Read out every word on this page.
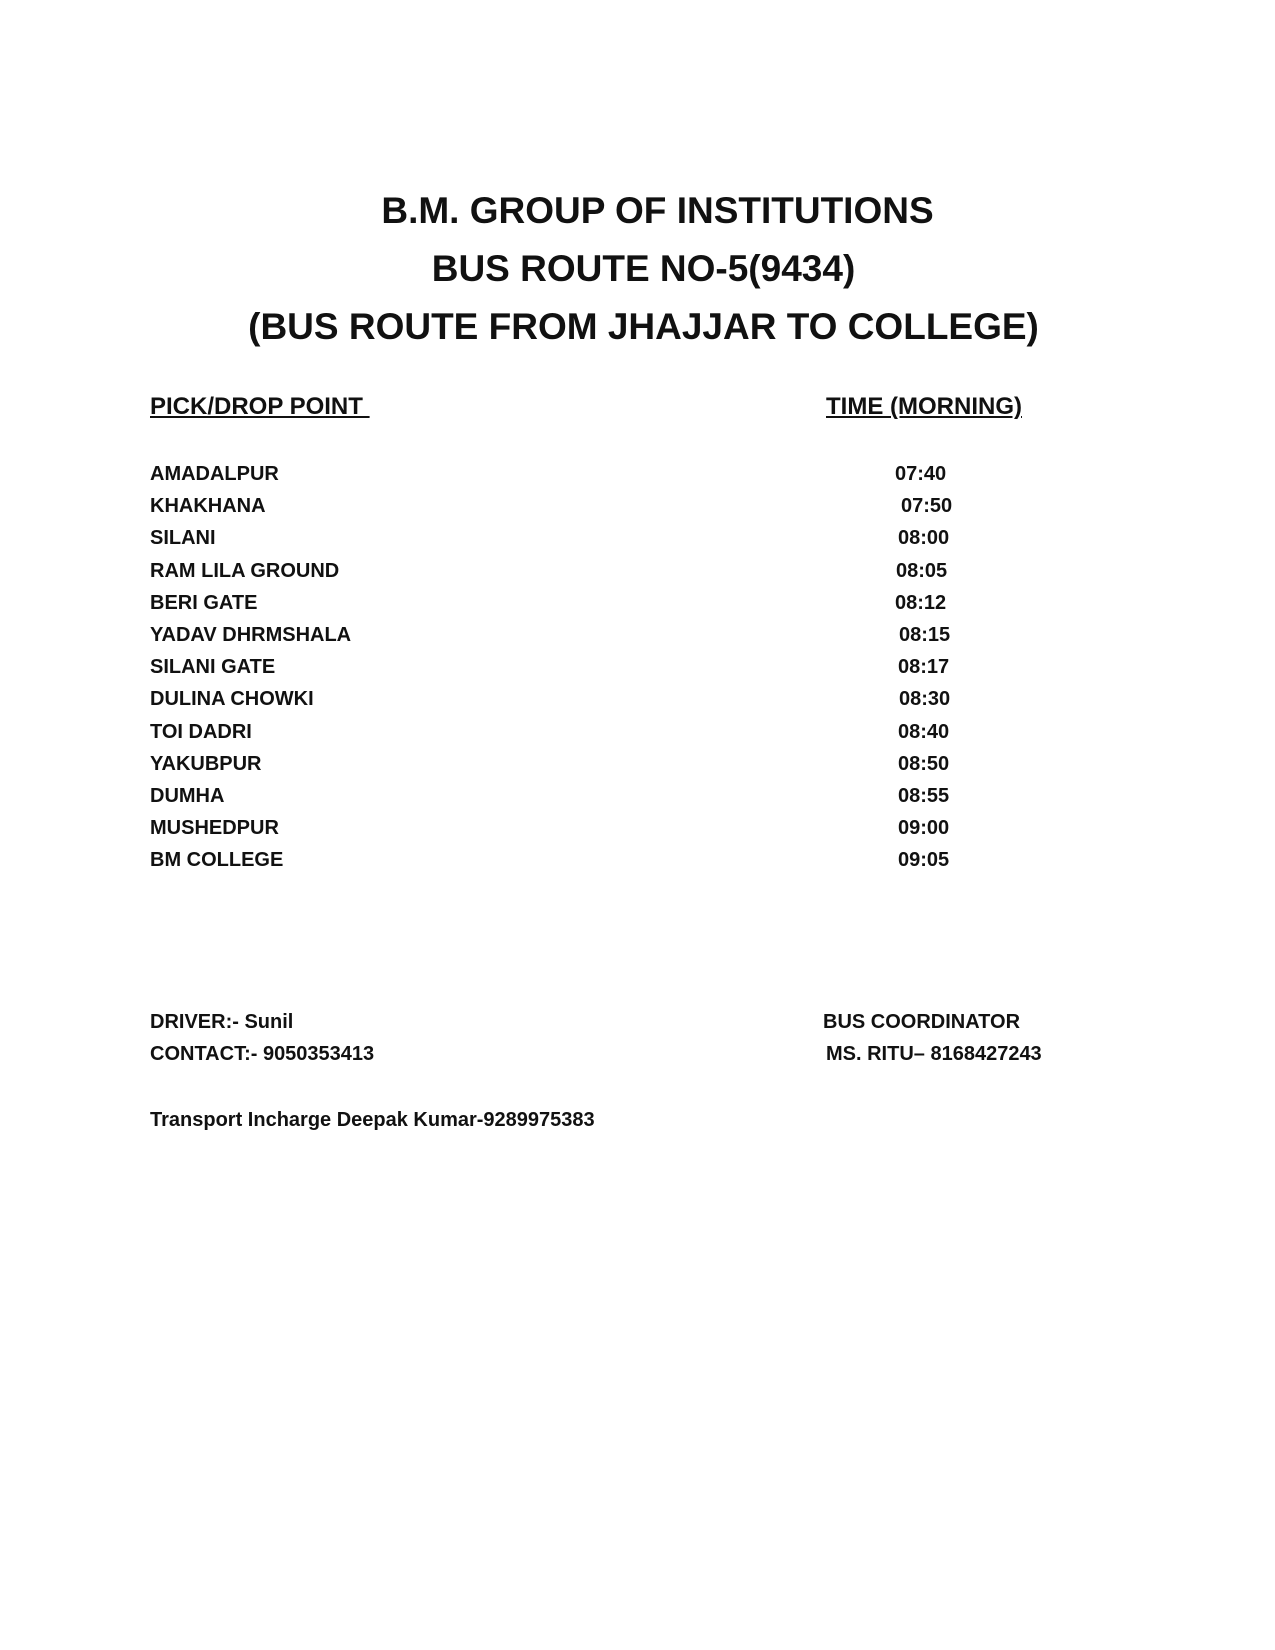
B.M. GROUP OF INSTITUTIONS
BUS ROUTE NO-5(9434)
(BUS ROUTE FROM JHAJJAR TO COLLEGE)
PICK/DROP POINT	TIME (MORNING)
AMADALPUR	07:40
KHAKHANA	07:50
SILANI	08:00
RAM LILA GROUND	08:05
BERI GATE	08:12
YADAV DHRMSHALA	08:15
SILANI GATE	08:17
DULINA CHOWKI	08:30
TOI DADRI	08:40
YAKUBPUR	08:50
DUMHA	08:55
MUSHEDPUR	09:00
BM COLLEGE	09:05
DRIVER:- Sunil
CONTACT:- 9050353413
BUS COORDINATOR
MS. RITU– 8168427243
Transport Incharge Deepak Kumar-9289975383
